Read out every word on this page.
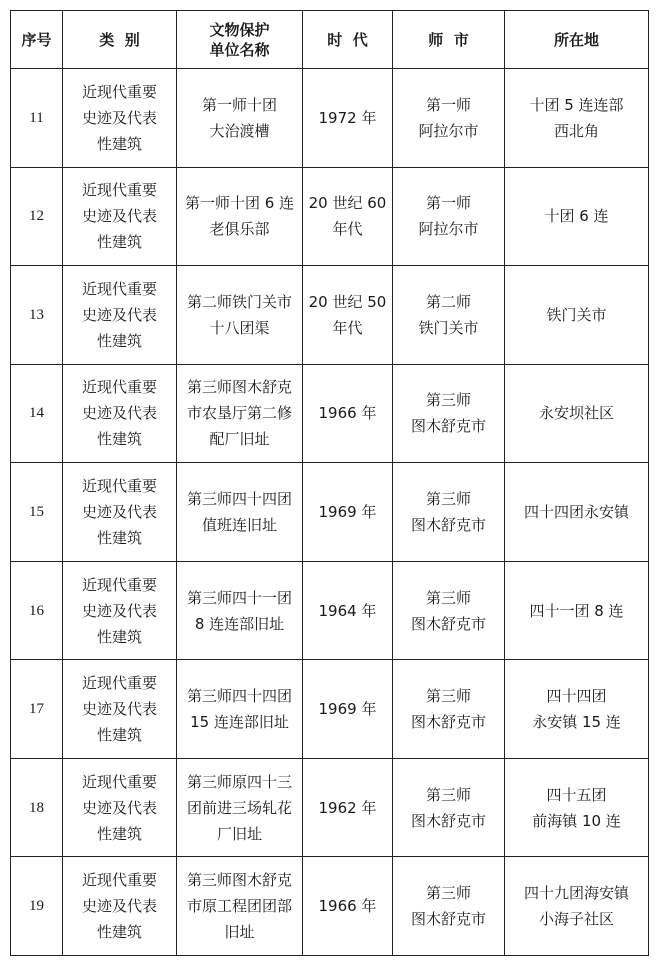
序号	类  别	文物保护
单位名称	时  代	师  市	所在地
11	近现代重要
史迹及代表
性建筑	第一师十团
大治渡槽	1972 年	第一师
阿拉尔市	十团 5 连连部
西北角

12	近现代重要
史迹及代表
性建筑	第一师十团 6 连
老俱乐部	20 世纪 60
年代	第一师
阿拉尔市	十团 6 连

13	近现代重要
史迹及代表
性建筑	第二师铁门关市
十八团渠	20 世纪 50
年代	第二师
铁门关市	铁门关市

14	近现代重要
史迹及代表
性建筑	第三师图木舒克
市农垦厅第二修
配厂旧址	1966 年	第三师
图木舒克市	永安坝社区

15	近现代重要
史迹及代表
性建筑	第三师四十四团
值班连旧址	1969 年	第三师
图木舒克市	四十四团永安镇

16	近现代重要
史迹及代表
性建筑	第三师四十一团
8 连连部旧址	1964 年	第三师
图木舒克市	四十一团 8 连

17	近现代重要
史迹及代表
性建筑	第三师四十四团
15 连连部旧址	1969 年	第三师
图木舒克市	四十四团
永安镇 15 连

18	近现代重要
史迹及代表
性建筑	第三师原四十三
团前进三场轧花
厂旧址	1962 年	第三师
图木舒克市	四十五团
前海镇 10 连

19	近现代重要
史迹及代表
性建筑	第三师图木舒克
市原工程团团部
旧址	1966 年	第三师
图木舒克市	四十九团海安镇
小海子社区
